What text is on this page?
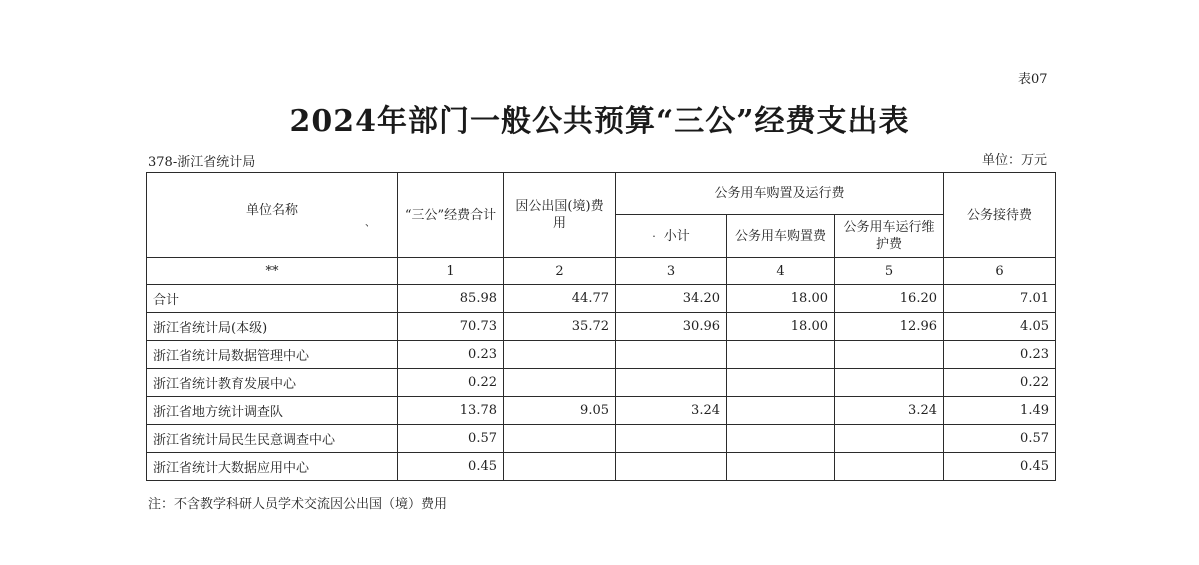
表07
2024年部门一般公共预算“三公”经费支出表
378-浙江省统计局	单位：万元
单位名称
、	“三公”经费合计	因公出国(境)费用	公务用车购置及运行费			公务接待费
			· 小计	公务用车购置费	公务用车运行维护费	
**	1	2	3	4	5	6
合计	85.98	44.77	34.20	18.00	16.20	7.01
浙江省统计局(本级)	70.73	35.72	30.96	18.00	12.96	4.05
浙江省统计局数据管理中心	0.23					0.23
浙江省统计教育发展中心	0.22					0.22
浙江省地方统计调查队	13.78	9.05	3.24		3.24	1.49
浙江省统计局民生民意调查中心	0.57					0.57
浙江省统计大数据应用中心	0.45					0.45
注：不含教学科研人员学术交流因公出国（境）费用
